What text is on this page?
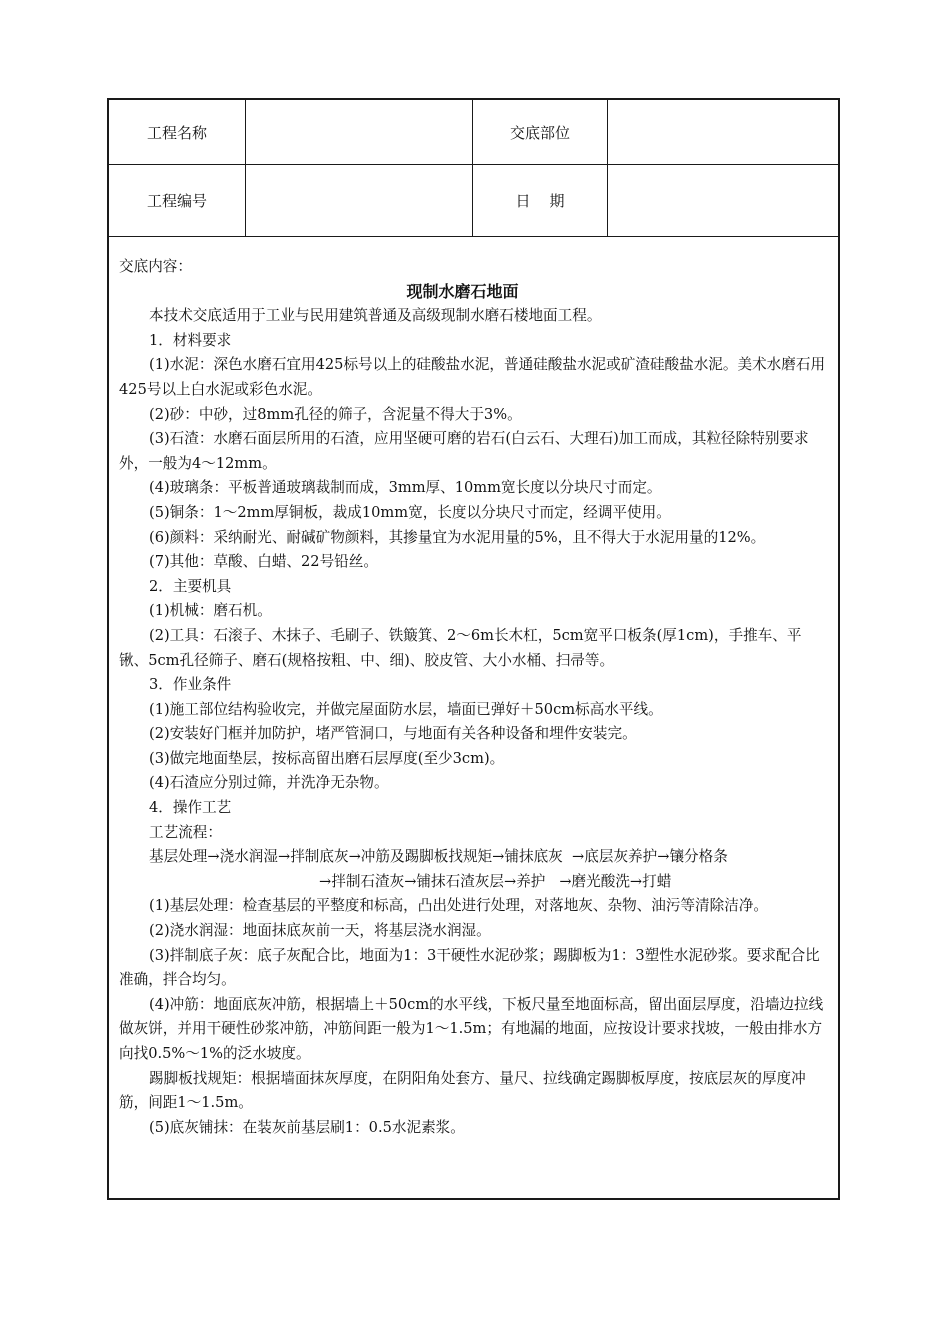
工程名称	交底部位
工程编号	日    期

交底内容：

现制水磨石地面

本技术交底适用于工业与民用建筑普通及高级现制水磨石楼地面工程。

1．材料要求

(1)水泥：深色水磨石宜用425标号以上的硅酸盐水泥，普通硅酸盐水泥或矿渣硅酸盐水泥。美术水磨石用425号以上白水泥或彩色水泥。

(2)砂：中砂，过8mm孔径的筛子，含泥量不得大于3%。

(3)石渣：水磨石面层所用的石渣，应用坚硬可磨的岩石(白云石、大理石)加工而成，其粒径除特别要求外，一般为4～12mm。

(4)玻璃条：平板普通玻璃裁制而成，3mm厚、10mm宽长度以分块尺寸而定。

(5)铜条：1～2mm厚铜板，裁成10mm宽，长度以分块尺寸而定，经调平使用。

(6)颜料：采纳耐光、耐碱矿物颜料，其掺量宜为水泥用量的5%，且不得大于水泥用量的12%。

(7)其他：草酸、白蜡、22号铅丝。

2．主要机具

(1)机械：磨石机。

(2)工具：石滚子、木抹子、毛刷子、铁簸箕、2～6m长木杠，5cm宽平口板条(厚1cm)，手推车、平锹、5cm孔径筛子、磨石(规格按粗、中、细)、胶皮管、大小水桶、扫帚等。

3．作业条件

(1)施工部位结构验收完，并做完屋面防水层，墙面已弹好＋50cm标高水平线。

(2)安装好门框并加防护，堵严管洞口，与地面有关各种设备和埋件安装完。

(3)做完地面垫层，按标高留出磨石层厚度(至少3cm)。

(4)石渣应分别过筛，并洗净无杂物。

4．操作工艺

工艺流程：

基层处理→浇水润湿→拌制底灰→冲筋及踢脚板找规矩→铺抹底灰  →底层灰养护→镶分格条

→拌制石渣灰→铺抹石渣灰层→养护   →磨光酸洗→打蜡

(1)基层处理：检查基层的平整度和标高，凸出处进行处理，对落地灰、杂物、油污等清除洁净。

(2)浇水润湿：地面抹底灰前一天，将基层浇水润湿。

(3)拌制底子灰：底子灰配合比，地面为1：3干硬性水泥砂浆；踢脚板为1：3塑性水泥砂浆。要求配合比准确，拌合均匀。

(4)冲筋：地面底灰冲筋，根据墙上＋50cm的水平线，下板尺量至地面标高，留出面层厚度，沿墙边拉线做灰饼，并用干硬性砂浆冲筋，冲筋间距一般为1～1.5m；有地漏的地面，应按设计要求找坡，一般由排水方向找0.5%～1%的泛水坡度。

踢脚板找规矩：根据墙面抹灰厚度，在阴阳角处套方、量尺、拉线确定踢脚板厚度，按底层灰的厚度冲筋，间距1～1.5m。

(5)底灰铺抹：在装灰前基层刷1：0.5水泥素浆。
